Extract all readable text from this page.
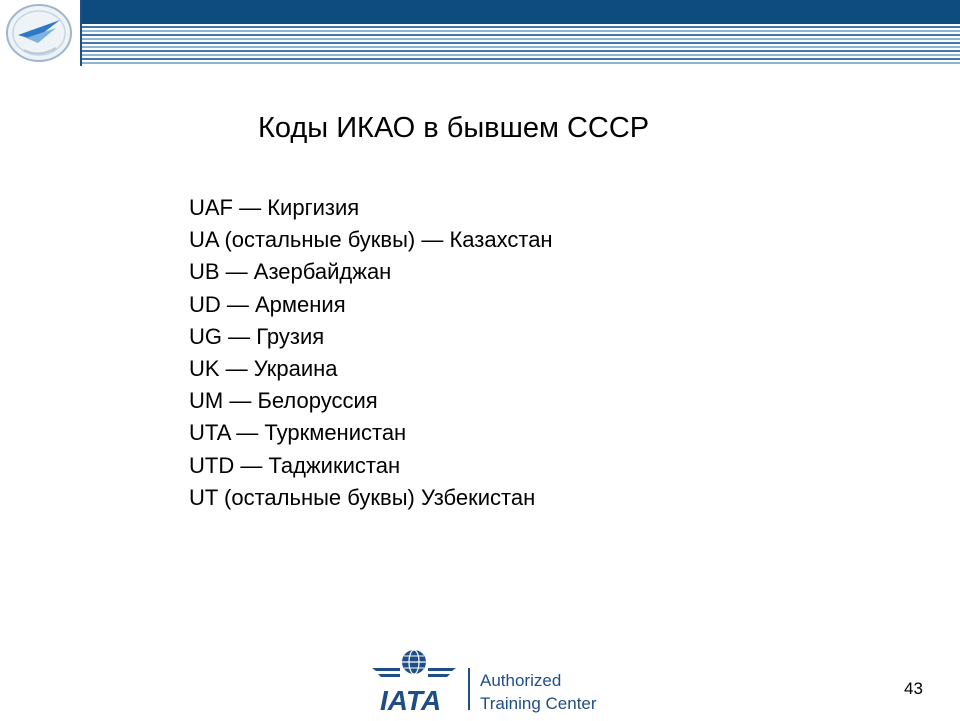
Коды ИКАО в бывшем СССР
UAF — Киргизия
UA (остальные буквы) — Казахстан
UB — Азербайджан
UD — Армения
UG — Грузия
UK — Украина
UM — Белоруссия
UTA — Туркменистан
UTD — Таджикистан
UT (остальные буквы) Узбекистан
IATA
Authorized
Training Center
43
